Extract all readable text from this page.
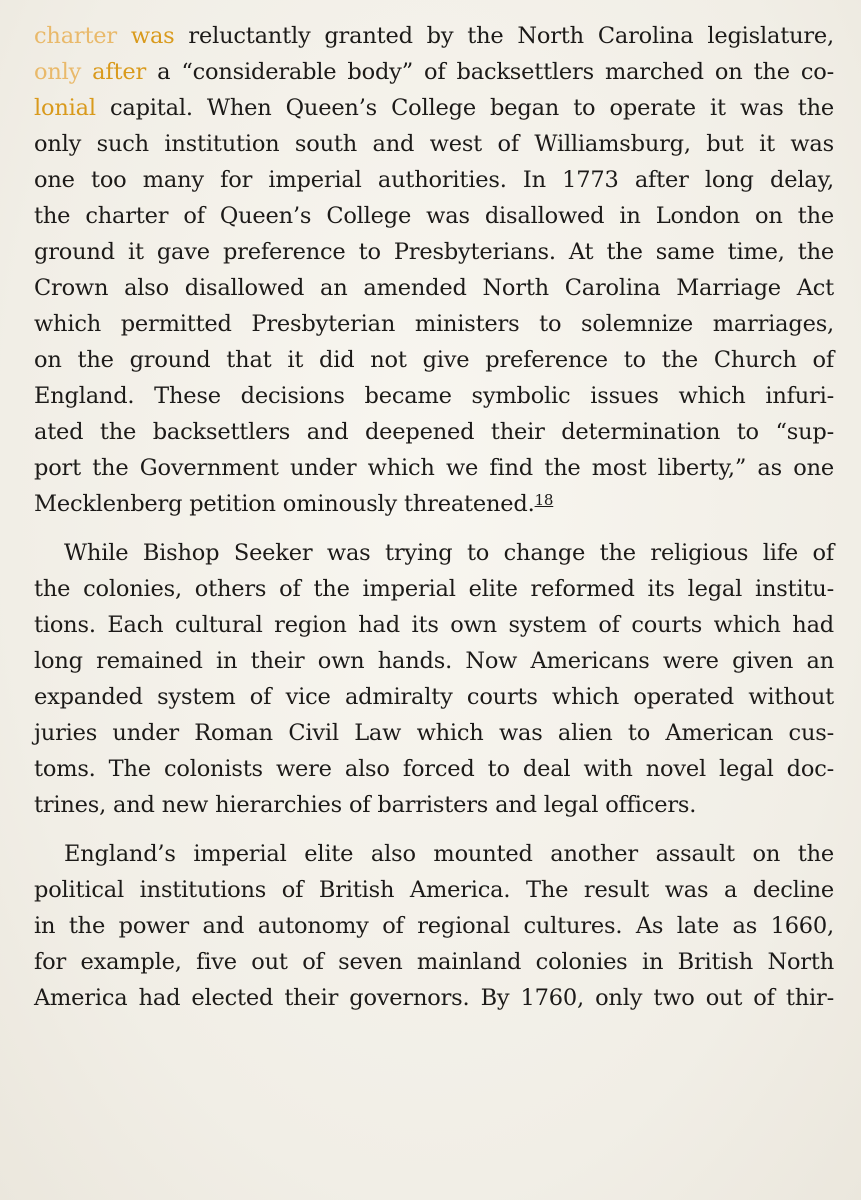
charter was reluctantly granted by the North Carolina legislature,
only after a “considerable body” of backsettlers marched on the co-
lonial capital. When Queen’s College began to operate it was the
only such institution south and west of Williamsburg, but it was
one too many for imperial authorities. In 1773 after long delay,
the charter of Queen’s College was disallowed in London on the
ground it gave preference to Presbyterians. At the same time, the
Crown also disallowed an amended North Carolina Marriage Act
which permitted Presbyterian ministers to solemnize marriages,
on the ground that it did not give preference to the Church of
England. These decisions became symbolic issues which infuri-
ated the backsettlers and deepened their determination to “sup-
port the Government under which we find the most liberty,” as one
Mecklenberg petition ominously threatened.$^{18}$
While Bishop Seeker was trying to change the religious life of
the colonies, others of the imperial elite reformed its legal institu-
tions. Each cultural region had its own system of courts which had
long remained in their own hands. Now Americans were given an
expanded system of vice admiralty courts which operated without
juries under Roman Civil Law which was alien to American cus-
toms. The colonists were also forced to deal with novel legal doc-
trines, and new hierarchies of barristers and legal officers.
England’s imperial elite also mounted another assault on the
political institutions of British America. The result was a decline
in the power and autonomy of regional cultures. As late as 1660,
for example, five out of seven mainland colonies in British North
America had elected their governors. By 1760, only two out of thir-
